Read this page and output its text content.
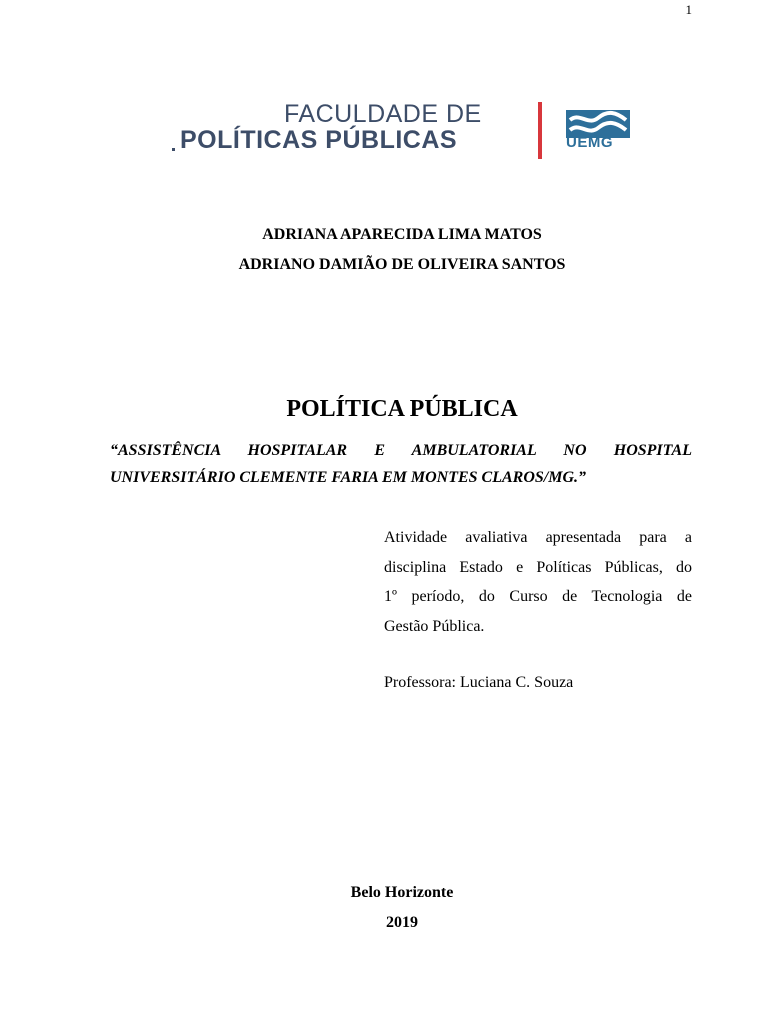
1
FACULDADE DE
POLÍTICAS PÚBLICAS	UEMG
ADRIANA APARECIDA LIMA MATOS
ADRIANO DAMIÃO DE OLIVEIRA SANTOS
POLÍTICA PÚBLICA
“ASSISTÊNCIA HOSPITALAR E AMBULATORIAL NO HOSPITAL
UNIVERSITÁRIO CLEMENTE FARIA EM MONTES CLAROS/MG.”
Atividade avaliativa apresentada para a
disciplina Estado e Políticas Públicas, do
1º período, do Curso de Tecnologia de
Gestão Pública.
Professora: Luciana C. Souza
Belo Horizonte
2019
